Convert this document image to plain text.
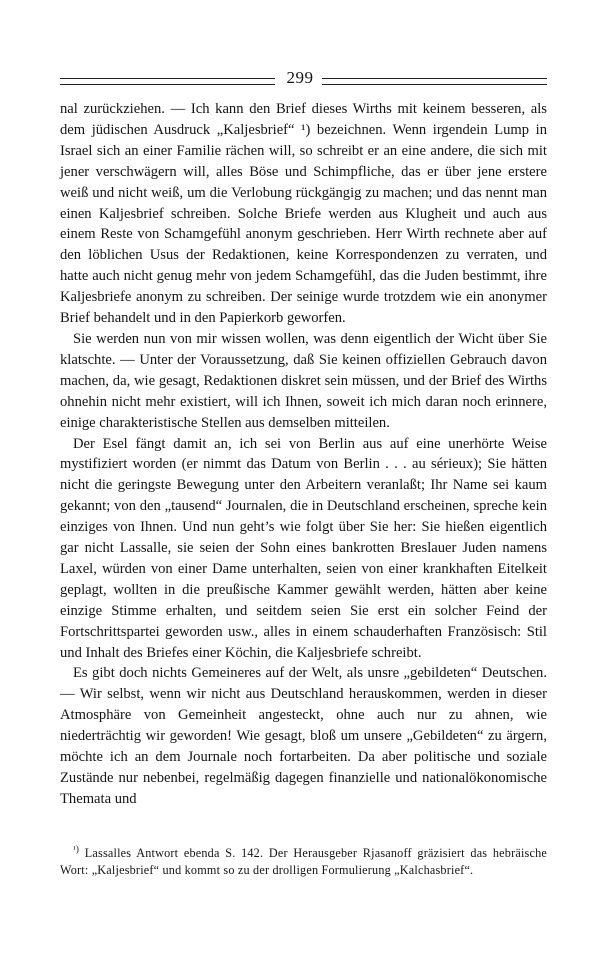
299

nal zurückziehen. — Ich kann den Brief dieses Wirths mit keinem besseren, als dem jüdischen Ausdruck „Kaljesbrief“ ¹) bezeichnen. Wenn irgendein Lump in Israel sich an einer Familie rächen will, so schreibt er an eine andere, die sich mit jener verschwägern will, alles Böse und Schimpfliche, das er über jene erstere weiß und nicht weiß, um die Verlobung rückgängig zu machen; und das nennt man einen Kaljesbrief schreiben. Solche Briefe werden aus Klugheit und auch aus einem Reste von Schamgefühl anonym geschrieben. Herr Wirth rechnete aber auf den löblichen Usus der Redaktionen, keine Korrespondenzen zu verraten, und hatte auch nicht genug mehr von jedem Schamgefühl, das die Juden bestimmt, ihre Kaljesbriefe anonym zu schreiben. Der seinige wurde trotzdem wie ein anonymer Brief behandelt und in den Papierkorb geworfen.

Sie werden nun von mir wissen wollen, was denn eigentlich der Wicht über Sie klatschte. — Unter der Voraussetzung, daß Sie keinen offiziellen Gebrauch davon machen, da, wie gesagt, Redaktionen diskret sein müssen, und der Brief des Wirths ohnehin nicht mehr existiert, will ich Ihnen, soweit ich mich daran noch erinnere, einige charakteristische Stellen aus demselben mitteilen.

Der Esel fängt damit an, ich sei von Berlin aus auf eine unerhörte Weise mystifiziert worden (er nimmt das Datum von Berlin . . . au sérieux); Sie hätten nicht die geringste Bewegung unter den Arbeitern veranlaßt; Ihr Name sei kaum gekannt; von den „tausend“ Journalen, die in Deutschland erscheinen, spreche kein einziges von Ihnen. Und nun geht’s wie folgt über Sie her: Sie hießen eigentlich gar nicht Lassalle, sie seien der Sohn eines bankrotten Breslauer Juden namens Laxel, würden von einer Dame unterhalten, seien von einer krankhaften Eitelkeit geplagt, wollten in die preußische Kammer gewählt werden, hätten aber keine einzige Stimme erhalten, und seitdem seien Sie erst ein solcher Feind der Fortschrittspartei geworden usw., alles in einem schauderhaften Französisch: Stil und Inhalt des Briefes einer Köchin, die Kaljesbriefe schreibt.

Es gibt doch nichts Gemeineres auf der Welt, als unsre „gebildeten“ Deutschen. — Wir selbst, wenn wir nicht aus Deutschland herauskommen, werden in dieser Atmosphäre von Gemeinheit angesteckt, ohne auch nur zu ahnen, wie niederträchtig wir geworden! Wie gesagt, bloß um unsere „Gebildeten“ zu ärgern, möchte ich an dem Journale noch fortarbeiten. Da aber politische und soziale Zustände nur nebenbei, regelmäßig dagegen finanzielle und nationalökonomische Themata und

$^{^1)}$ Lassalles Antwort ebenda S. 142. Der Herausgeber Rjasanoff gräzisiert das hebräische Wort: „Kaljesbrief“ und kommt so zu der drolligen Formulierung „Kalchasbrief“.
